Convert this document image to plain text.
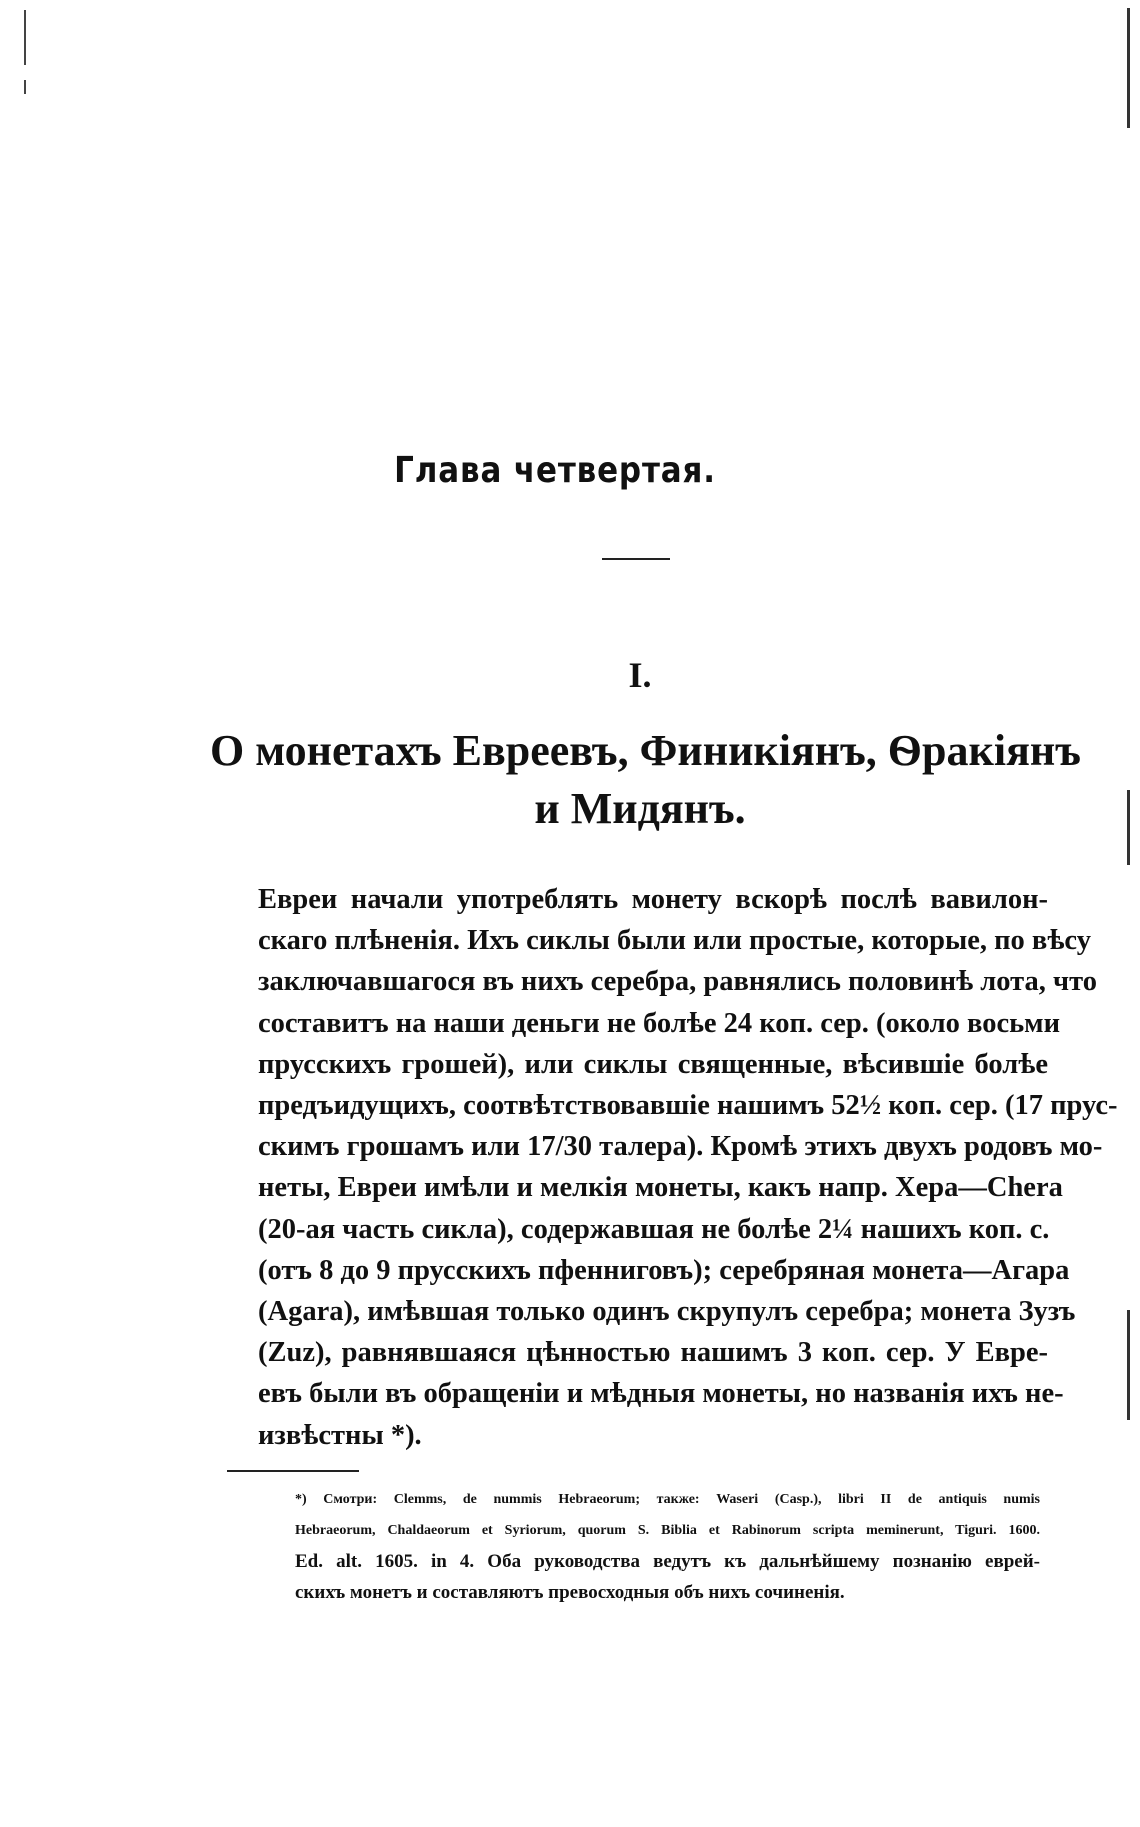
Глава четвертая.
I.
О монетахъ Евреевъ, Финикіянъ, Ѳракіянъ
и Мидянъ.
Евреи начали употреблять монету вскорѣ послѣ вавилон-
скаго плѣненія. Ихъ сиклы были или простые, которые, по вѣсу
заключавшагося въ нихъ серебра, равнялись половинѣ лота, что
составитъ на наши деньги не болѣе 24 коп. сер. (около восьми
прусскихъ грошей), или сиклы священные, вѣсившіе болѣе
предъидущихъ, соотвѣтствовавшіе нашимъ 52½ коп. сер. (17 прус-
скимъ грошамъ или 17/30 талера). Кромѣ этихъ двухъ родовъ мо-
неты, Евреи имѣли и мелкія монеты, какъ напр. Хера—Chera
(20-ая часть сикла), содержавшая не болѣе 2¼ нашихъ коп. с.
(отъ 8 до 9 прусскихъ пфенниговъ); серебряная монета—Агара
(Agara), имѣвшая только одинъ скрупулъ серебра; монета Зузъ
(Zuz), равнявшаяся цѣнностью нашимъ 3 коп. сер. У Евре-
евъ были въ обращеніи и мѣдныя монеты, но названія ихъ не-
извѣстны *).
*) Смотри: Clemms, de nummis Hebraeorum; также: Waseri (Casp.), libri II de antiquis numis
Hebraeorum, Chaldaeorum et Syriorum, quorum S. Biblia et Rabinorum scripta meminerunt, Tiguri. 1600.
Ed. alt. 1605. in 4. Оба руководства ведутъ къ дальнѣйшему познанію еврей-
скихъ монетъ и составляютъ превосходныя объ нихъ сочиненія.
